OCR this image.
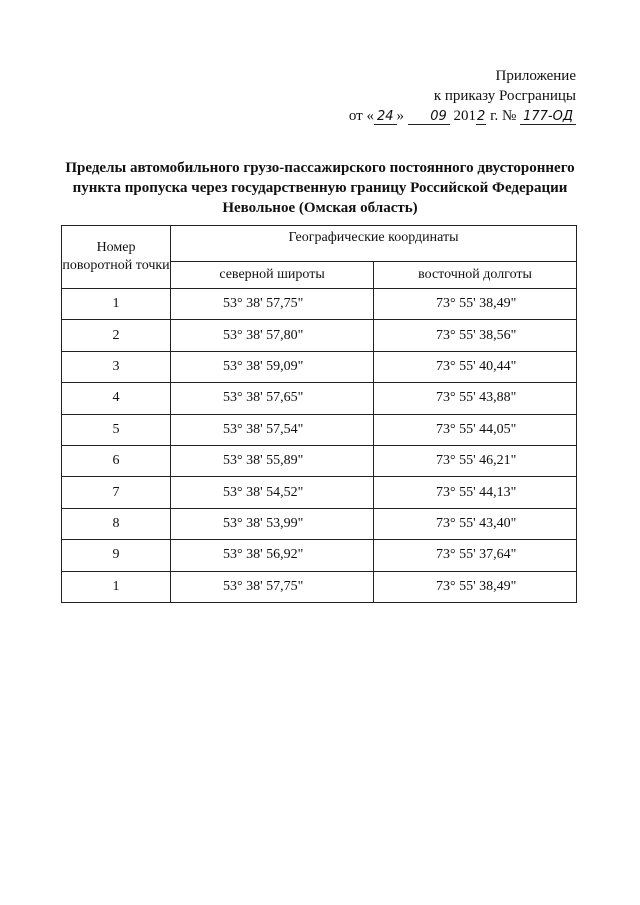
Приложение
к приказу Росграницы
от « 24 » 09 2012 г. № 177-ОД
Пределы автомобильного грузо-пассажирского постоянного двустороннего
пункта пропуска через государственную границу Российской Федерации
Невольное (Омская область)
Номер поворотной точки	Географические координаты	
	северной широты	восточной долготы
1	53° 38' 57,75"	73° 55' 38,49"
2	53° 38' 57,80"	73° 55' 38,56"
3	53° 38' 59,09"	73° 55' 40,44"
4	53° 38' 57,65"	73° 55' 43,88"
5	53° 38' 57,54"	73° 55' 44,05"
6	53° 38' 55,89"	73° 55' 46,21"
7	53° 38' 54,52"	73° 55' 44,13"
8	53° 38' 53,99"	73° 55' 43,40"
9	53° 38' 56,92"	73° 55' 37,64"
1	53° 38' 57,75"	73° 55' 38,49"
